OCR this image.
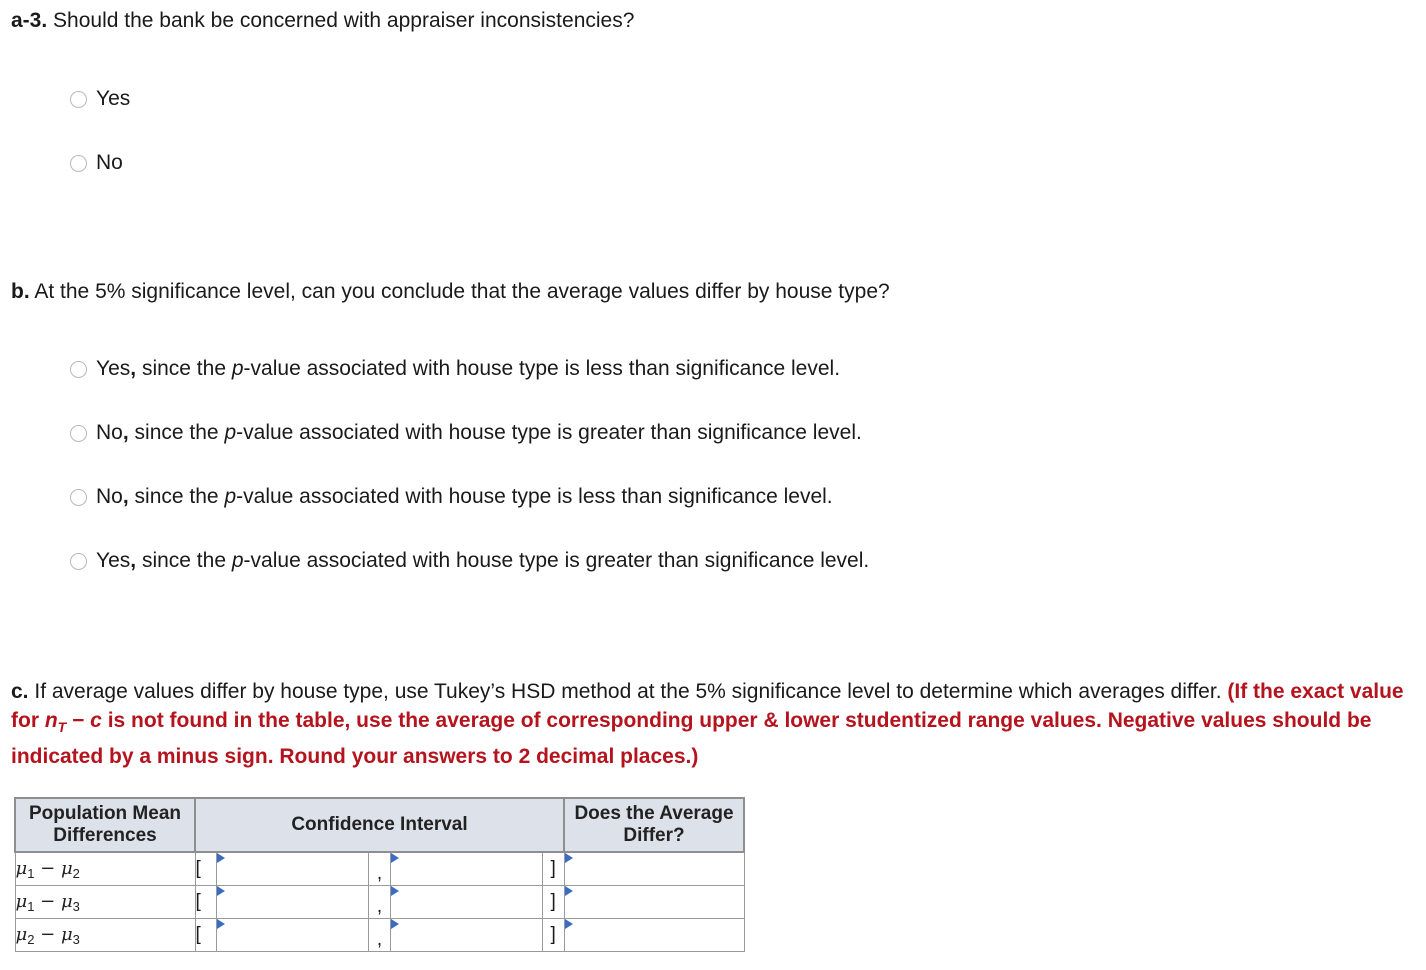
a-3. Should the bank be concerned with appraiser inconsistencies?
Yes
No
b. At the 5% significance level, can you conclude that the average values differ by house type?
Yes, since the p-value associated with house type is less than significance level.
No, since the p-value associated with house type is greater than significance level.
No, since the p-value associated with house type is less than significance level.
Yes, since the p-value associated with house type is greater than significance level.
c. If average values differ by house type, use Tukey’s HSD method at the 5% significance level to determine which averages differ. (If the exact value for $n_T - c$ is not found in the table, use the average of corresponding upper & lower studentized range values. Negative values should be indicated by a minus sign. Round your answers to 2 decimal places.)
Population Mean Differences	Confidence Interval					Does the Average Differ?
$\mu_1 - \mu_2$	[		,		]	

$\mu_1 - \mu_3$	[		,		]	

$\mu_2 - \mu_3$	[		,		]	
